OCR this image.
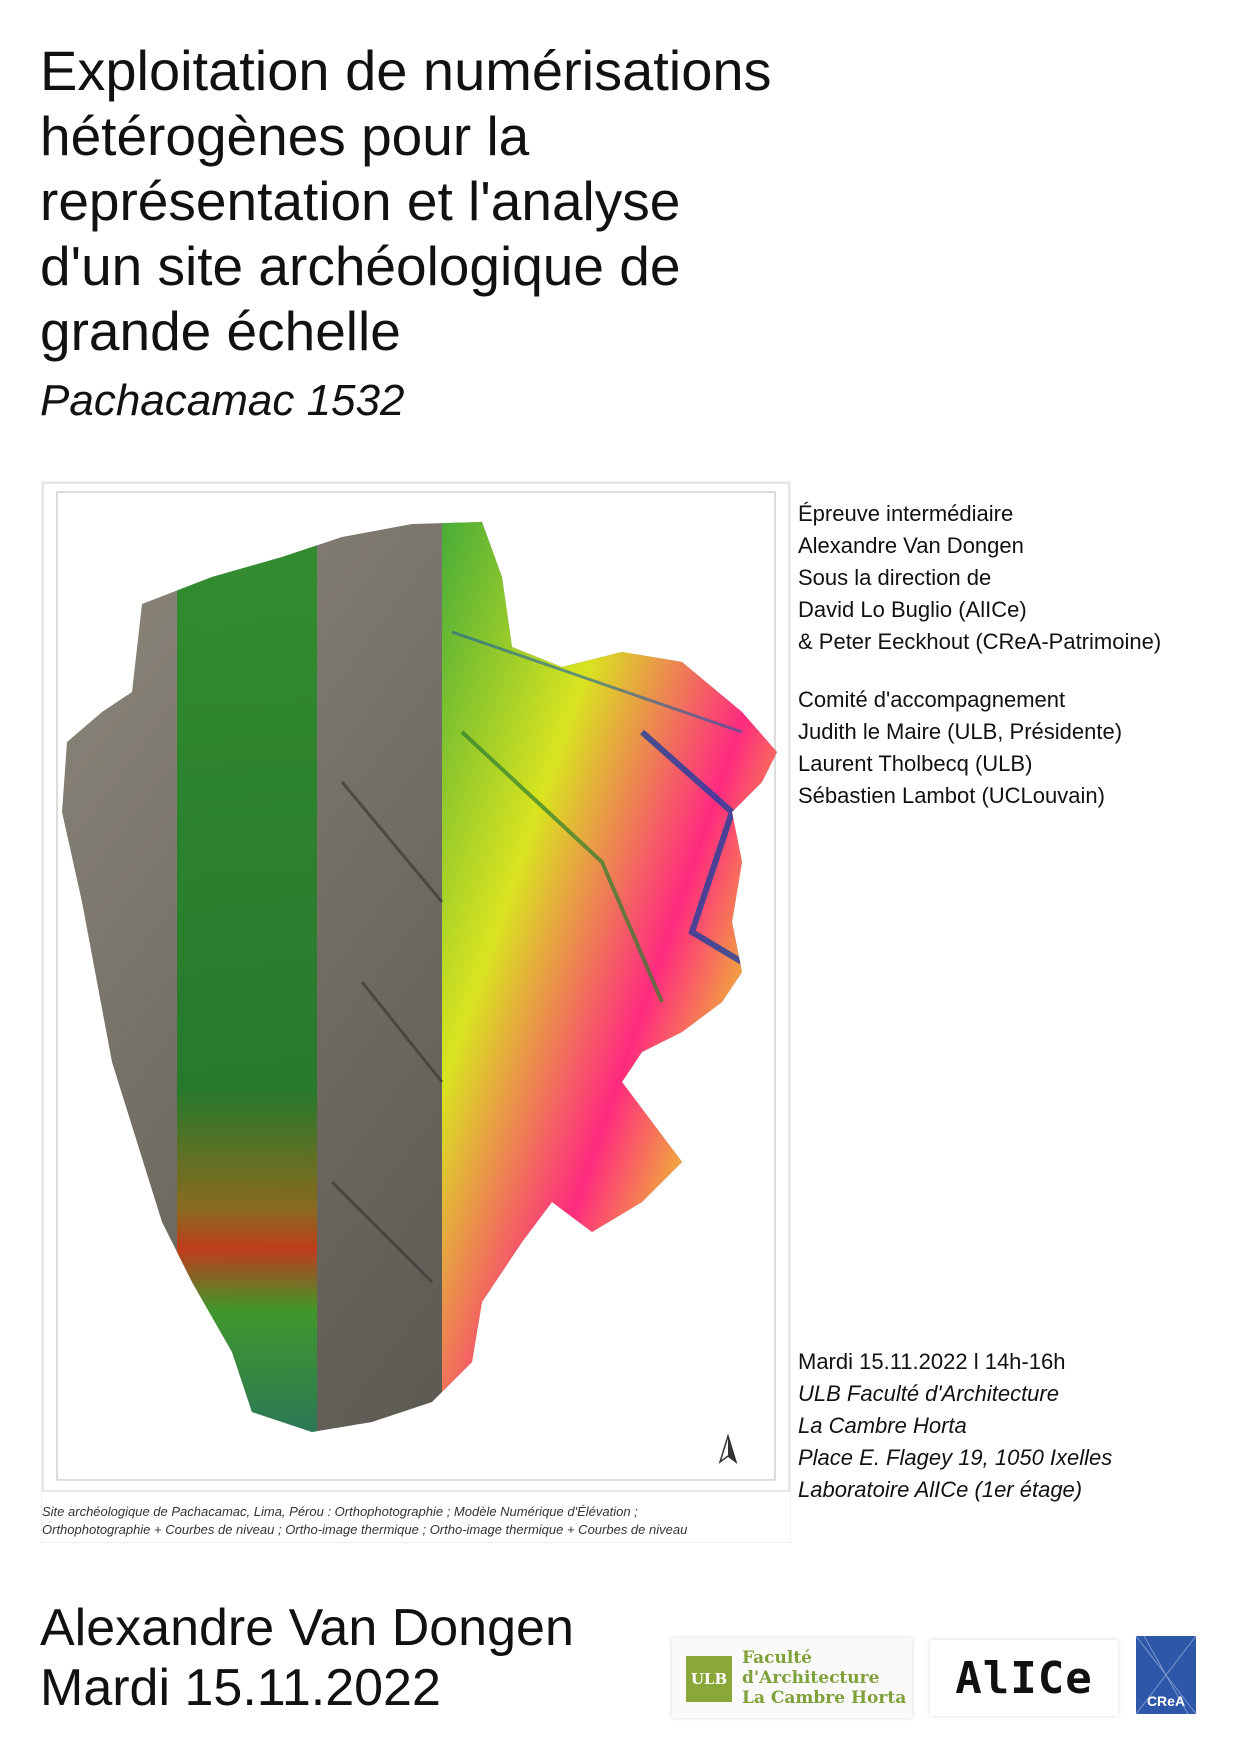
Exploitation de numérisations
hétérogènes pour la
représentation et l'analyse
d'un site archéologique de
grande échelle
Pachacamac 1532
Site archéologique de Pachacamac, Lima, Pérou : Orthophotographie ; Modèle Numérique d'Élévation ;
Orthophotographie + Courbes de niveau ; Ortho-image thermique ; Ortho-image thermique + Courbes de niveau
Épreuve intermédiaire
Alexandre Van Dongen
Sous la direction de
David Lo Buglio (AlICe)
& Peter Eeckhout (CReA-Patrimoine)
Comité d'accompagnement
Judith le Maire (ULB, Présidente)
Laurent Tholbecq (ULB)
Sébastien Lambot (UCLouvain)
Mardi 15.11.2022 l 14h-16h
ULB Faculté d'Architecture
La Cambre Horta
Place E. Flagey 19, 1050 Ixelles
Laboratoire AlICe (1er étage)
Alexandre Van Dongen
Mardi 15.11.2022	ULB
Faculté
d'Architecture
La Cambre Horta	AlICe	CReA
